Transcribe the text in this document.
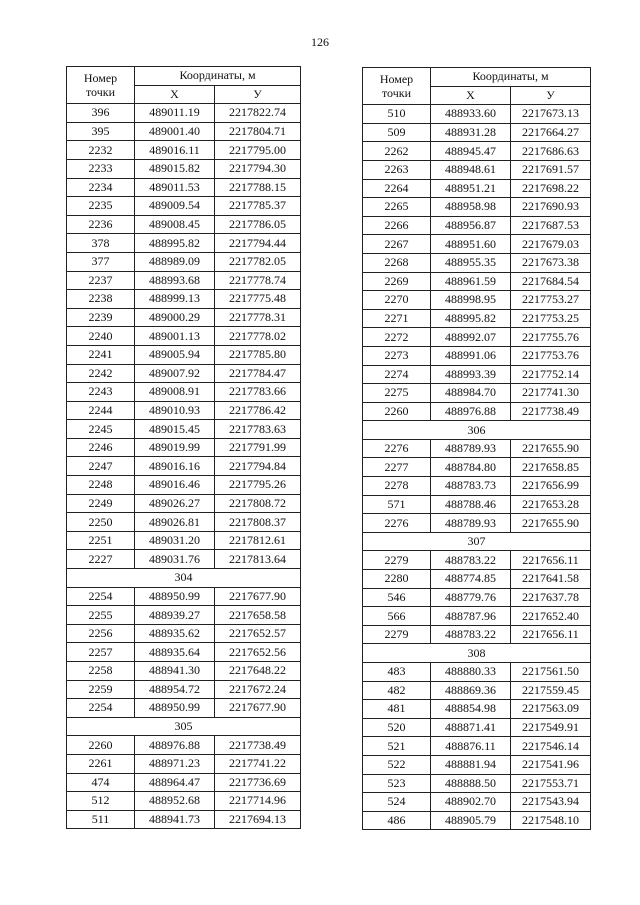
126
Номер
точки	Координаты, м	
	X	У
396	489011.19	2217822.74
395	489001.40	2217804.71
2232	489016.11	2217795.00
2233	489015.82	2217794.30
2234	489011.53	2217788.15
2235	489009.54	2217785.37
2236	489008.45	2217786.05
378	488995.82	2217794.44
377	488989.09	2217782.05
2237	488993.68	2217778.74
2238	488999.13	2217775.48
2239	489000.29	2217778.31
2240	489001.13	2217778.02
2241	489005.94	2217785.80
2242	489007.92	2217784.47
2243	489008.91	2217783.66
2244	489010.93	2217786.42
2245	489015.45	2217783.63
2246	489019.99	2217791.99
2247	489016.16	2217794.84
2248	489016.46	2217795.26
2249	489026.27	2217808.72
2250	489026.81	2217808.37
2251	489031.20	2217812.61
2227	489031.76	2217813.64
304		
2254	488950.99	2217677.90
2255	488939.27	2217658.58
2256	488935.62	2217652.57
2257	488935.64	2217652.56
2258	488941.30	2217648.22
2259	488954.72	2217672.24
2254	488950.99	2217677.90
305		
2260	488976.88	2217738.49
2261	488971.23	2217741.22
474	488964.47	2217736.69
512	488952.68	2217714.96
511	488941.73	2217694.13
Номер
точки	Координаты, м	
	X	У
510	488933.60	2217673.13
509	488931.28	2217664.27
2262	488945.47	2217686.63
2263	488948.61	2217691.57
2264	488951.21	2217698.22
2265	488958.98	2217690.93
2266	488956.87	2217687.53
2267	488951.60	2217679.03
2268	488955.35	2217673.38
2269	488961.59	2217684.54
2270	488998.95	2217753.27
2271	488995.82	2217753.25
2272	488992.07	2217755.76
2273	488991.06	2217753.76
2274	488993.39	2217752.14
2275	488984.70	2217741.30
2260	488976.88	2217738.49
306		
2276	488789.93	2217655.90
2277	488784.80	2217658.85
2278	488783.73	2217656.99
571	488788.46	2217653.28
2276	488789.93	2217655.90
307		
2279	488783.22	2217656.11
2280	488774.85	2217641.58
546	488779.76	2217637.78
566	488787.96	2217652.40
2279	488783.22	2217656.11
308		
483	488880.33	2217561.50
482	488869.36	2217559.45
481	488854.98	2217563.09
520	488871.41	2217549.91
521	488876.11	2217546.14
522	488881.94	2217541.96
523	488888.50	2217553.71
524	488902.70	2217543.94
486	488905.79	2217548.10
